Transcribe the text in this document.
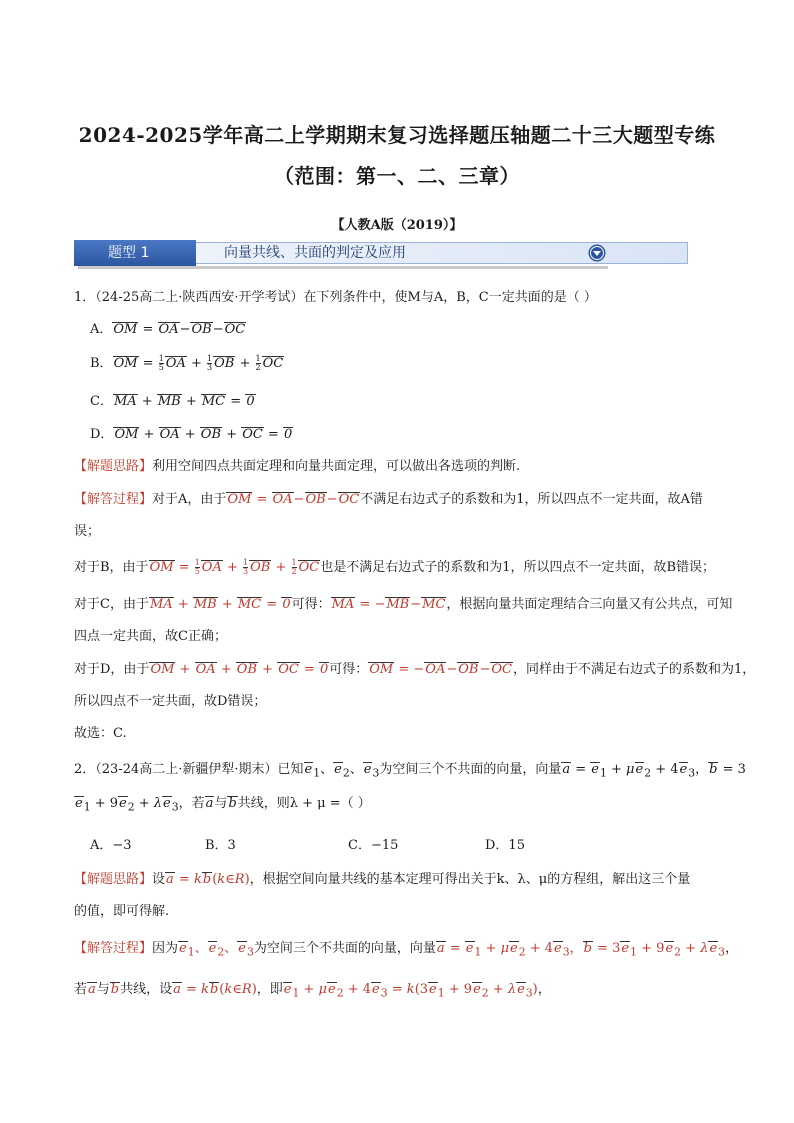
2024-2025学年高二上学期期末复习选择题压轴题二十三大题型专练
（范围：第一、二、三章）
【人教A版（2019）】
题型 1	向量共线、共面的判定及应用
1．（24-25高二上·陕西西安·开学考试）在下列条件中，使M与A，B，C一定共面的是（ ）
A．OM = OA−OB−OC
B．OM = $\frac{1}{5}$ OA + $\frac{1}{3}$ OB + $\frac{1}{2}$ OC
C．MA + MB + MC = 0
D．OM + OA + OB + OC = 0
【解题思路】利用空间四点共面定理和向量共面定理，可以做出各选项的判断.
【解答过程】对于A，由于OM = OA−OB−OC不满足右边式子的系数和为1，所以四点不一定共面，故A错
误；
对于B，由于OM = $\frac{1}{5}$ OA + $\frac{1}{3}$ OB + $\frac{1}{2}$ OC也是不满足右边式子的系数和为1，所以四点不一定共面，故B错误；
对于C，由于MA + MB + MC = 0可得：MA = −MB−MC，根据向量共面定理结合三向量又有公共点，可知
四点一定共面，故C正确；
对于D，由于OM + OA + OB + OC = 0可得：OM = −OA−OB−OC，同样由于不满足右边式子的系数和为1，
所以四点不一定共面，故D错误；
故选：C.
2．（23-24高二上·新疆伊犁·期末）已知$e_1$、$e_2$、$e_3$为空间三个不共面的向量，向量$a = e_1 + \mu e_2 + 4e_3$，b = 3
$e_1 + 9e_2 + \lambda e_3$，若a与b共线，则λ + μ =（ ）
A．−3	B．3	C．−15	D．15
【解题思路】设a = kb(k∈R)，根据空间向量共线的基本定理可得出关于k、λ、μ的方程组，解出这三个量
的值，即可得解.
【解答过程】因为$e_1$、$e_2$、$e_3$为空间三个不共面的向量，向量$a = e_1 + \mu e_2 + 4e_3$，$b = 3e_1 + 9e_2 + \lambda e_3$，
若a与b共线，设a = kb(k∈R)，即$e_1 + \mu e_2 + 4e_3 = k(3e_1 + 9e_2 + \lambda e_3)$，
